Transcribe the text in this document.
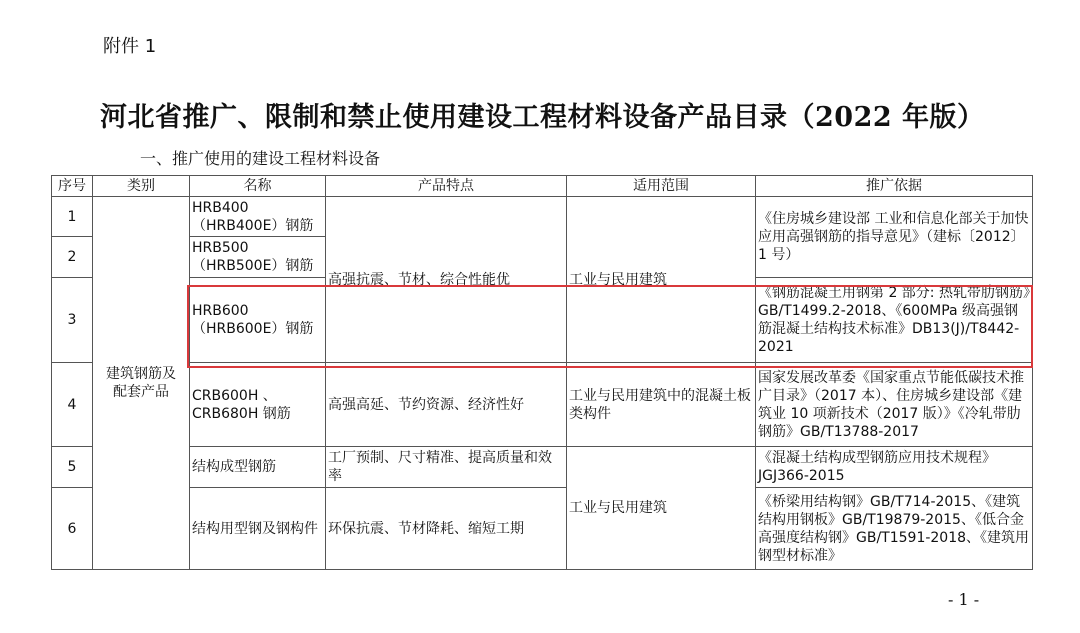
附件 1
河北省推广、限制和禁止使用建设工程材料设备产品目录（2022 年版）
一、推广使用的建设工程材料设备
序号	类别	名称	产品特点	适用范围	推广依据
1	建筑钢筋及配套产品	HRB400 （HRB400E）钢筋	高强抗震、节材、综合性能优	工业与民用建筑	《住房城乡建设部 工业和信息化部关于加快应用高强钢筋的指导意见》（建标〔2012〕1 号）
2		HRB500 （HRB500E）钢筋			
3		HRB600 （HRB600E）钢筋			《钢筋混凝土用钢第 2 部分: 热轧带肋钢筋》GB/T1499.2-2018、《600MPa 级高强钢筋混凝土结构技术标准》DB13(J)/T8442-2021
4		CRB600H 、CRB680H 钢筋	高强高延、节约资源、经济性好	工业与民用建筑中的混凝土板类构件	国家发展改革委《国家重点节能低碳技术推广目录》（2017 本）、住房城乡建设部《建筑业 10 项新技术（2017 版）》《冷轧带肋钢筋》GB/T13788-2017
5		结构成型钢筋	工厂预制、尺寸精准、提高质量和效率	工业与民用建筑	《混凝土结构成型钢筋应用技术规程》JGJ366-2015
6		结构用型钢及钢构件	环保抗震、节材降耗、缩短工期		《桥梁用结构钢》GB/T714-2015、《建筑结构用钢板》GB/T19879-2015、《低合金高强度结构钢》GB/T1591-2018、《建筑用钢型材标准》
- 1 -
